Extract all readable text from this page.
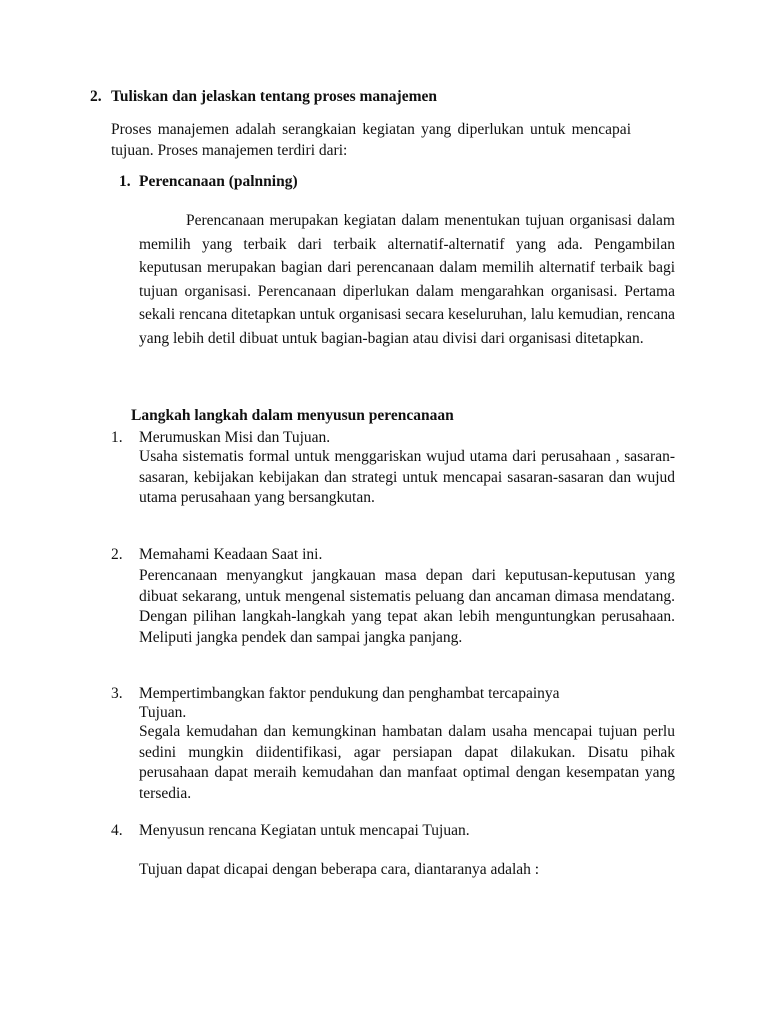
2. Tuliskan dan jelaskan tentang proses manajemen
Proses manajemen adalah serangkaian kegiatan yang diperlukan untuk mencapai tujuan. Proses manajemen terdiri dari:
1. Perencanaan (palnning)
Perencanaan merupakan kegiatan dalam menentukan tujuan organisasi dalam memilih yang terbaik dari terbaik alternatif-alternatif yang ada. Pengambilan keputusan merupakan bagian dari perencanaan dalam memilih alternatif terbaik bagi tujuan organisasi. Perencanaan diperlukan dalam mengarahkan organisasi. Pertama sekali rencana ditetapkan untuk organisasi secara keseluruhan, lalu kemudian, rencana yang lebih detil dibuat untuk bagian-bagian atau divisi dari organisasi ditetapkan.
Langkah langkah dalam menyusun perencanaan
1. Merumuskan Misi dan Tujuan.
Usaha sistematis formal untuk menggariskan wujud utama dari perusahaan , sasaran-sasaran, kebijakan kebijakan dan strategi untuk mencapai sasaran-sasaran dan wujud utama perusahaan yang bersangkutan.
2. Memahami Keadaan Saat ini.
Perencanaan menyangkut jangkauan masa depan dari keputusan-keputusan yang dibuat sekarang, untuk mengenal sistematis peluang dan ancaman dimasa mendatang. Dengan pilihan langkah-langkah yang tepat akan lebih menguntungkan perusahaan. Meliputi jangka pendek dan sampai jangka panjang.
3. Mempertimbangkan faktor pendukung dan penghambat tercapainya
Tujuan.
Segala kemudahan dan kemungkinan hambatan dalam usaha mencapai tujuan perlu sedini mungkin diidentifikasi, agar persiapan dapat dilakukan. Disatu pihak perusahaan dapat meraih kemudahan dan manfaat optimal dengan kesempatan yang tersedia.
4. Menyusun rencana Kegiatan untuk mencapai Tujuan.
Tujuan dapat dicapai dengan beberapa cara, diantaranya adalah :
